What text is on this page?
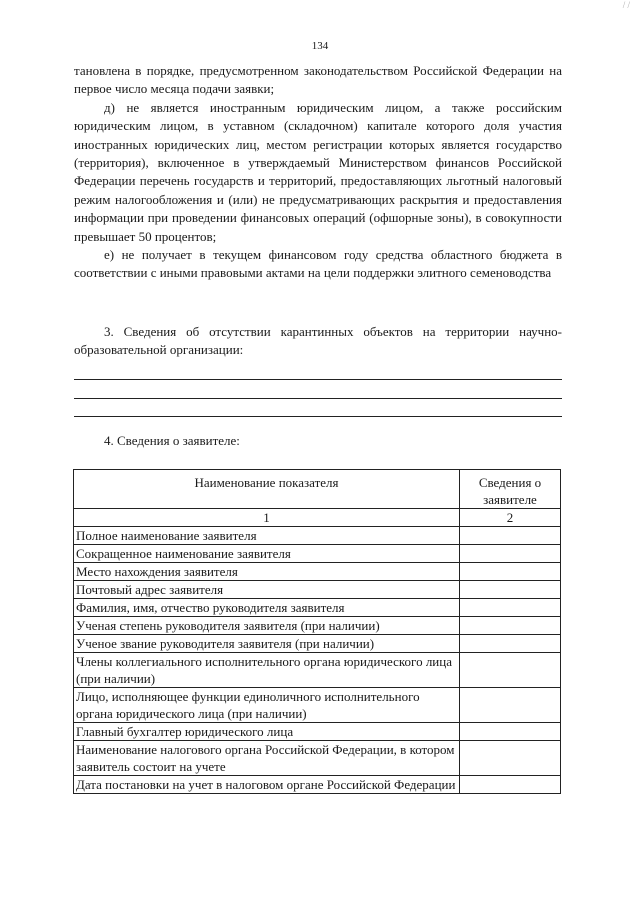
/ /
134

тановлена в порядке, предусмотренном законодательством Российской Федерации на первое число месяца подачи заявки;

д) не является иностранным юридическим лицом, а также российским юридическим лицом, в уставном (складочном) капитале которого доля участия иностранных юридических лиц, местом регистрации которых является государство (территория), включенное в утверждаемый Министерством финансов Российской Федерации перечень государств и территорий, предоставляющих льготный налоговый режим налогообложения и (или) не предусматривающих раскрытия и предоставления информации при проведении финансовых операций (офшорные зоны), в совокупности превышает 50 процентов;

е) не получает в текущем финансовом году средства областного бюджета в соответствии с иными правовыми актами на цели поддержки элитного семеноводства

3. Сведения об отсутствии карантинных объектов на территории научно-образовательной организации:

4. Сведения о заявителе:
Наименование показателя	Сведения о заявителе
1	2
Полное наименование заявителя	
Сокращенное наименование заявителя	
Место нахождения заявителя	
Почтовый адрес заявителя	
Фамилия, имя, отчество руководителя заявителя	
Ученая степень руководителя заявителя (при наличии)	
Ученое звание руководителя заявителя (при наличии)	
Члены коллегиального исполнительного органа юридического лица (при наличии)	
Лицо, исполняющее функции единоличного исполнительного органа юридического лица (при наличии)	
Главный бухгалтер юридического лица	
Наименование налогового органа Российской Федерации, в котором заявитель состоит на учете	
Дата постановки на учет в налоговом органе Российской Федерации	
